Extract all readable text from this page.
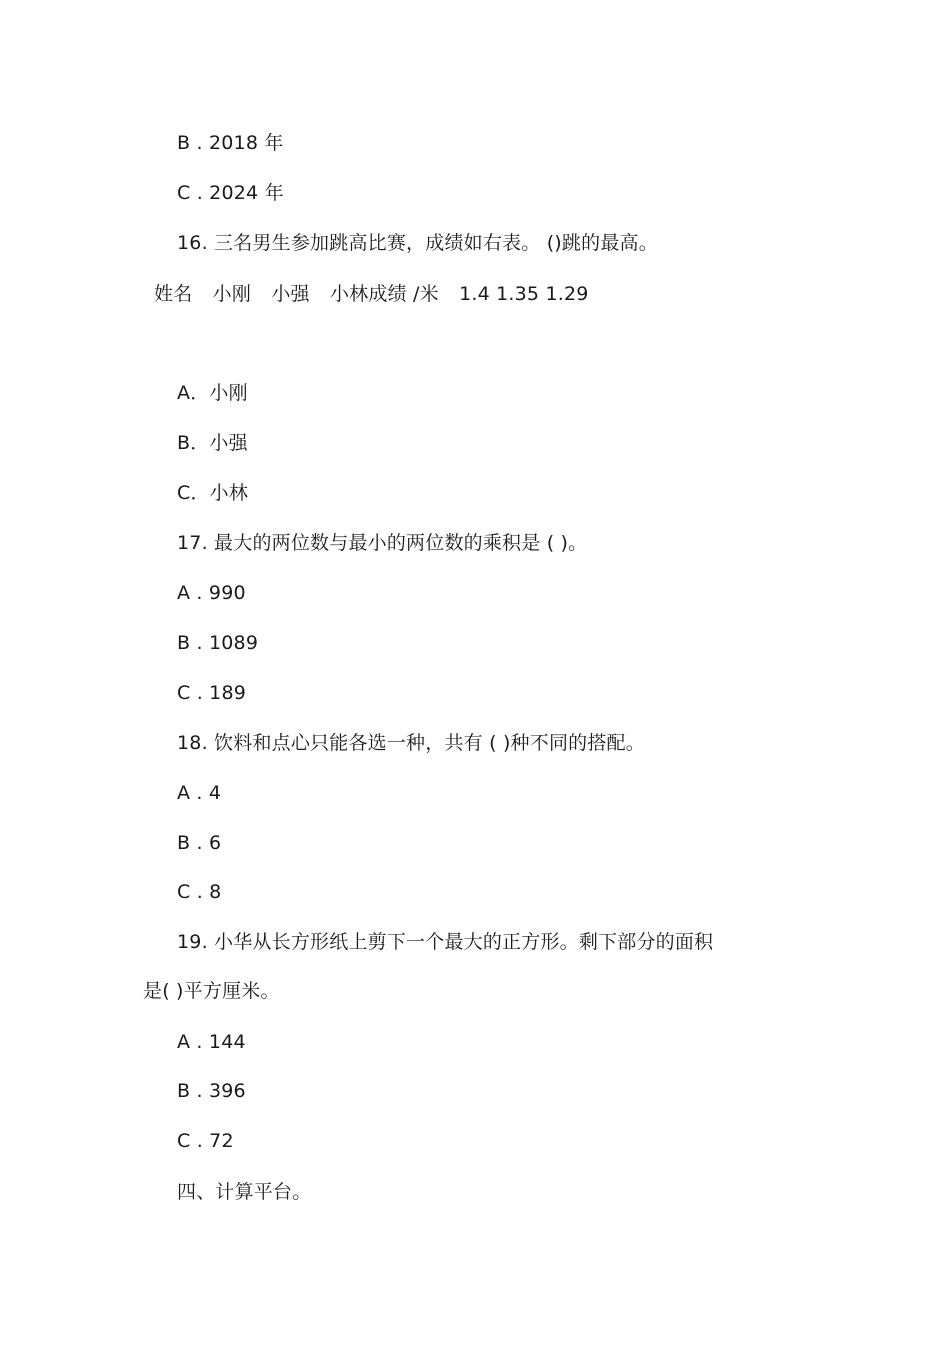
B . 2018 年
C . 2024 年
16. 三名男生参加跳高比赛，成绩如右表。 ()跳的最高。
姓名 小刚 小强 小林成绩 /米 1.4 1.35 1.29
A．小刚
B．小强
C．小林
17. 最大的两位数与最小的两位数的乘积是 ( )。
A . 990
B . 1089
C . 189
18. 饮料和点心只能各选一种，共有 ( )种不同的搭配。
A . 4
B . 6
C . 8
19. 小华从长方形纸上剪下一个最大的正方形。剩下部分的面积
是( )平方厘米。
A . 144
B . 396
C . 72
四、计算平台。
